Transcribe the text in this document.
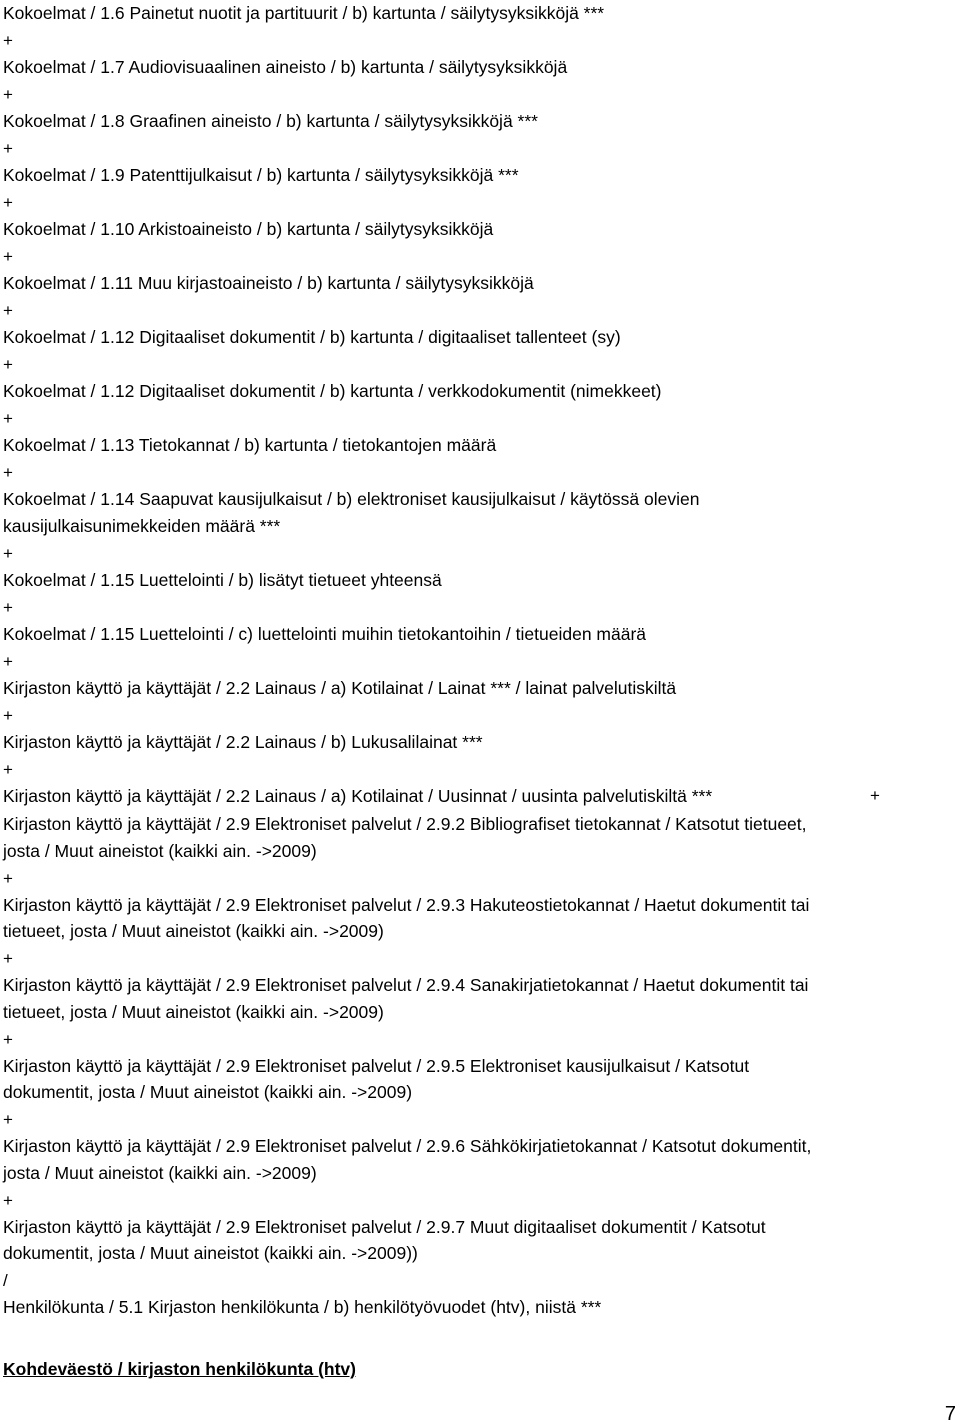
Kokoelmat / 1.6 Painetut nuotit ja partituurit / b) kartunta / säilytysyksikköjä ***
+
Kokoelmat / 1.7 Audiovisuaalinen aineisto / b) kartunta / säilytysyksikköjä
+
Kokoelmat / 1.8 Graafinen aineisto / b) kartunta / säilytysyksikköjä ***
+
Kokoelmat / 1.9 Patenttijulkaisut / b) kartunta / säilytysyksikköjä ***
+
Kokoelmat / 1.10 Arkistoaineisto / b) kartunta / säilytysyksikköjä
+
Kokoelmat / 1.11 Muu kirjastoaineisto / b) kartunta / säilytysyksikköjä
+
Kokoelmat / 1.12 Digitaaliset dokumentit / b) kartunta / digitaaliset tallenteet (sy)
+
Kokoelmat / 1.12 Digitaaliset dokumentit / b) kartunta / verkkodokumentit (nimekkeet)
+
Kokoelmat / 1.13 Tietokannat / b) kartunta / tietokantojen määrä
+
Kokoelmat / 1.14 Saapuvat kausijulkaisut / b) elektroniset kausijulkaisut / käytössä olevien
kausijulkaisunimekkeiden määrä ***
+
Kokoelmat / 1.15 Luettelointi / b) lisätyt tietueet yhteensä
+
Kokoelmat / 1.15 Luettelointi / c) luettelointi muihin tietokantoihin / tietueiden määrä
+
Kirjaston käyttö ja käyttäjät / 2.2 Lainaus / a) Kotilainat / Lainat *** / lainat palvelutiskiltä
+
Kirjaston käyttö ja käyttäjät / 2.2 Lainaus / b) Lukusalilainat ***
+
Kirjaston käyttö ja käyttäjät / 2.2 Lainaus / a) Kotilainat / Uusinnat / uusinta palvelutiskiltä ***	+
Kirjaston käyttö ja käyttäjät / 2.9 Elektroniset palvelut / 2.9.2 Bibliografiset tietokannat / Katsotut tietueet,
josta / Muut aineistot (kaikki ain. ->2009)
+
Kirjaston käyttö ja käyttäjät / 2.9 Elektroniset palvelut / 2.9.3 Hakuteostietokannat / Haetut dokumentit tai
tietueet, josta / Muut aineistot (kaikki ain. ->2009)
+
Kirjaston käyttö ja käyttäjät / 2.9 Elektroniset palvelut / 2.9.4 Sanakirjatietokannat / Haetut dokumentit tai
tietueet, josta / Muut aineistot (kaikki ain. ->2009)
+
Kirjaston käyttö ja käyttäjät / 2.9 Elektroniset palvelut / 2.9.5 Elektroniset kausijulkaisut / Katsotut
dokumentit, josta / Muut aineistot (kaikki ain. ->2009)
+
Kirjaston käyttö ja käyttäjät / 2.9 Elektroniset palvelut / 2.9.6 Sähkökirjatietokannat / Katsotut dokumentit,
josta / Muut aineistot (kaikki ain. ->2009)
+
Kirjaston käyttö ja käyttäjät / 2.9 Elektroniset palvelut / 2.9.7 Muut digitaaliset dokumentit / Katsotut
dokumentit, josta / Muut aineistot (kaikki ain. ->2009))
/
Henkilökunta / 5.1 Kirjaston henkilökunta / b) henkilötyövuodet (htv), niistä ***
Kohdeväestö / kirjaston henkilökunta (htv)
7
